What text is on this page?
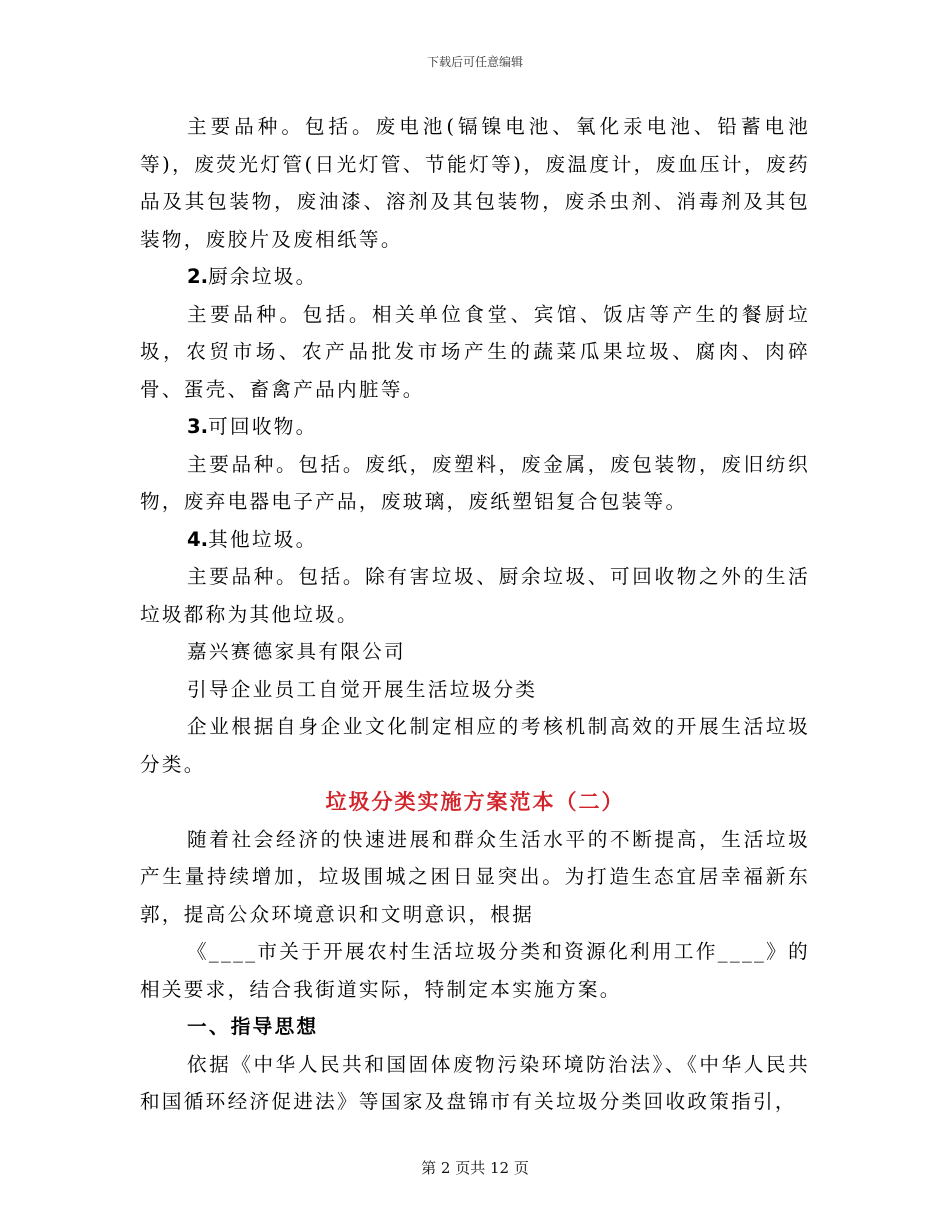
下载后可任意编辑

主要品种。包括。废电池(镉镍电池、氧化汞电池、铅蓄电池等)，废荧光灯管(日光灯管、节能灯等)，废温度计，废血压计，废药品及其包装物，废油漆、溶剂及其包装物，废杀虫剂、消毒剂及其包装物，废胶片及废相纸等。

2.厨余垃圾。

主要品种。包括。相关单位食堂、宾馆、饭店等产生的餐厨垃圾，农贸市场、农产品批发市场产生的蔬菜瓜果垃圾、腐肉、肉碎骨、蛋壳、畜禽产品内脏等。

3.可回收物。

主要品种。包括。废纸，废塑料，废金属，废包装物，废旧纺织物，废弃电器电子产品，废玻璃，废纸塑铝复合包装等。

4.其他垃圾。

主要品种。包括。除有害垃圾、厨余垃圾、可回收物之外的生活垃圾都称为其他垃圾。

嘉兴赛德家具有限公司

引导企业员工自觉开展生活垃圾分类

企业根据自身企业文化制定相应的考核机制高效的开展生活垃圾分类。

垃圾分类实施方案范本（二）

随着社会经济的快速进展和群众生活水平的不断提高，生活垃圾产生量持续增加，垃圾围城之困日显突出。为打造生态宜居幸福新东郭，提高公众环境意识和文明意识，根据

《____市关于开展农村生活垃圾分类和资源化利用工作____》的相关要求，结合我街道实际，特制定本实施方案。

一、指导思想

依据《中华人民共和国固体废物污染环境防治法》、《中华人民共和国循环经济促进法》等国家及盘锦市有关垃圾分类回收政策指引，

第 2 页共 12 页
